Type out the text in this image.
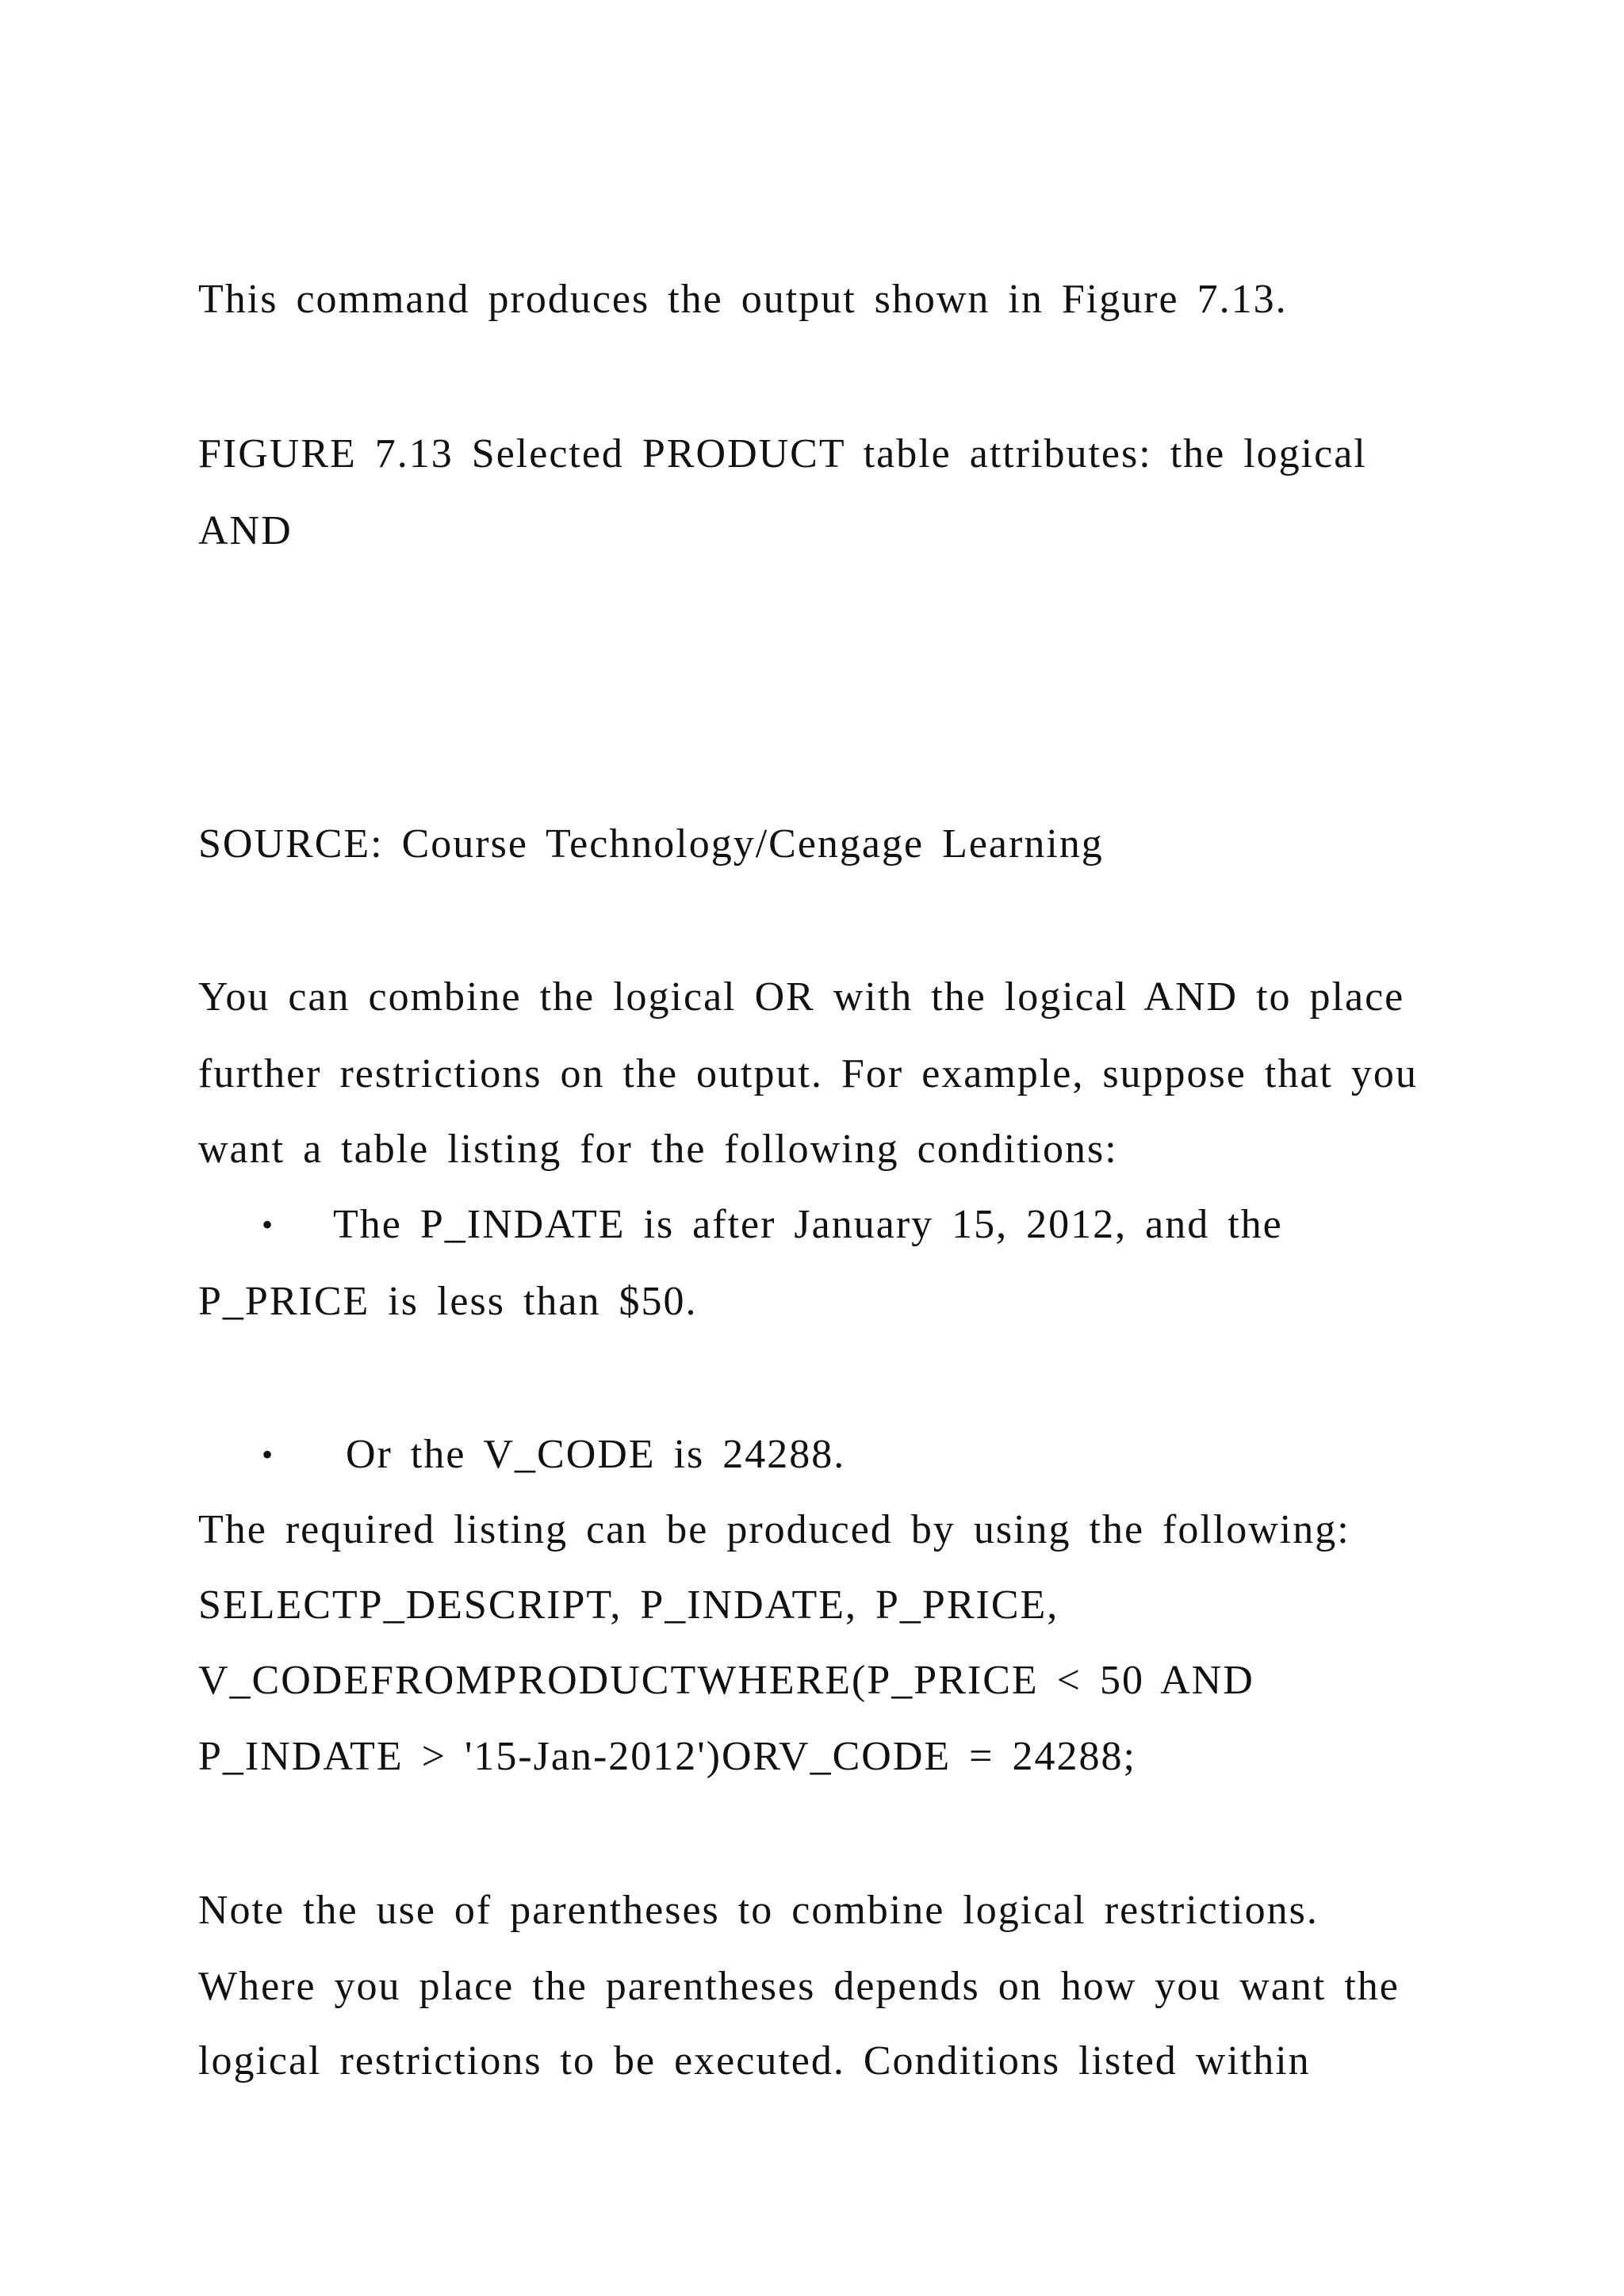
This command produces the output shown in Figure 7.13.
FIGURE 7.13 Selected PRODUCT table attributes: the logical
AND
SOURCE: Course Technology/Cengage Learning
You can combine the logical OR with the logical AND to place
further restrictions on the output. For example, suppose that you
want a table listing for the following conditions:
• The P_INDATE is after January 15, 2012, and the
P_PRICE is less than $50.
• Or the V_CODE is 24288.
The required listing can be produced by using the following:
SELECTP_DESCRIPT, P_INDATE, P_PRICE,
V_CODEFROMPRODUCTWHERE(P_PRICE < 50 AND
P_INDATE > '15-Jan-2012')ORV_CODE = 24288;
Note the use of parentheses to combine logical restrictions.
Where you place the parentheses depends on how you want the
logical restrictions to be executed. Conditions listed within
